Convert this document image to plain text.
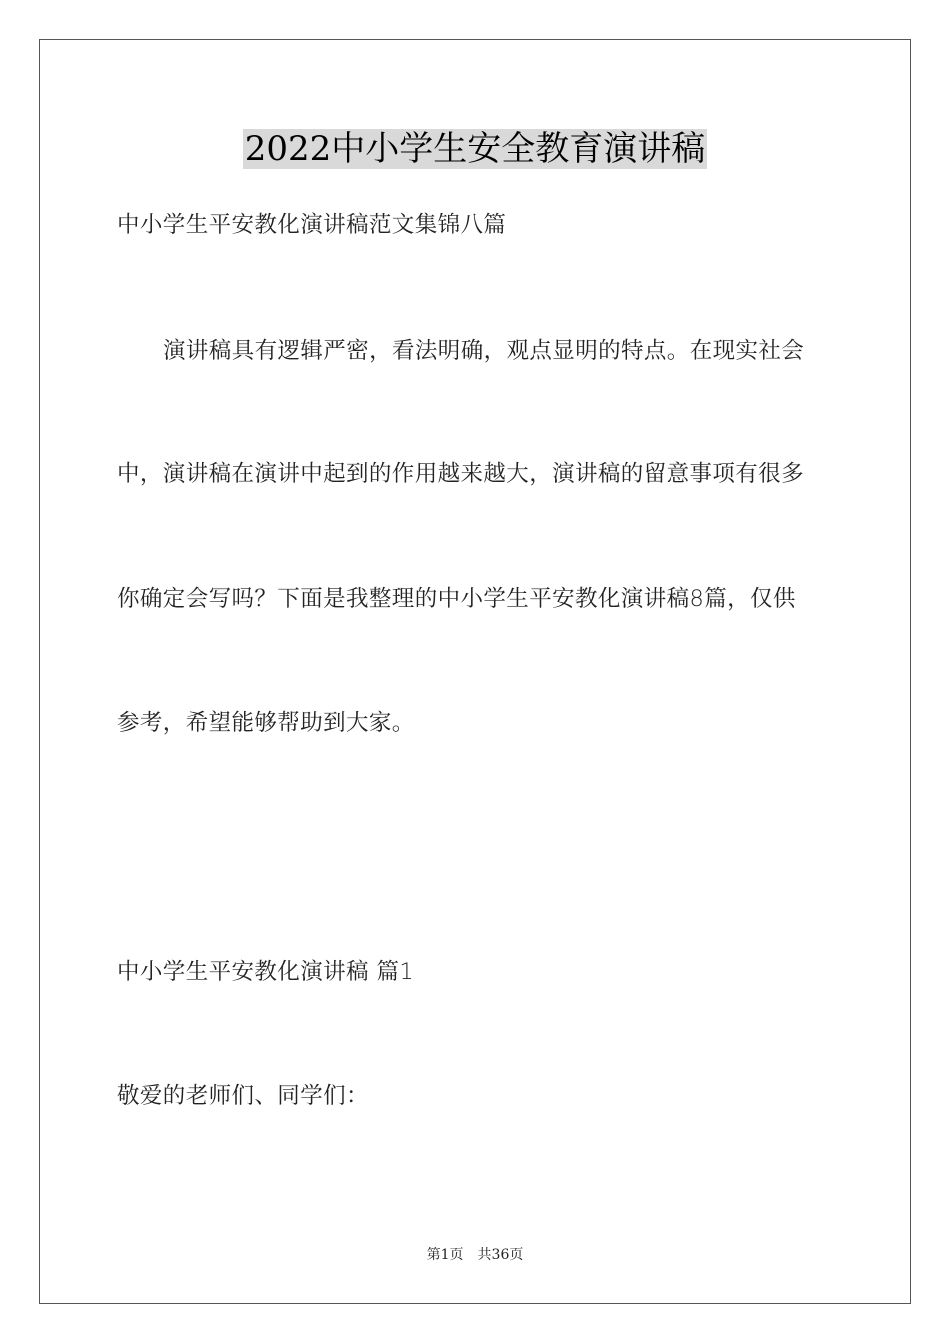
2022中小学生安全教育演讲稿
中小学生平安教化演讲稿范文集锦八篇
演讲稿具有逻辑严密，看法明确，观点显明的特点。在现实社会
中，演讲稿在演讲中起到的作用越来越大，演讲稿的留意事项有很多
你确定会写吗？下面是我整理的中小学生平安教化演讲稿8篇，仅供
参考，希望能够帮助到大家。
中小学生平安教化演讲稿 篇1
敬爱的老师们、同学们：
第1页 共36页
